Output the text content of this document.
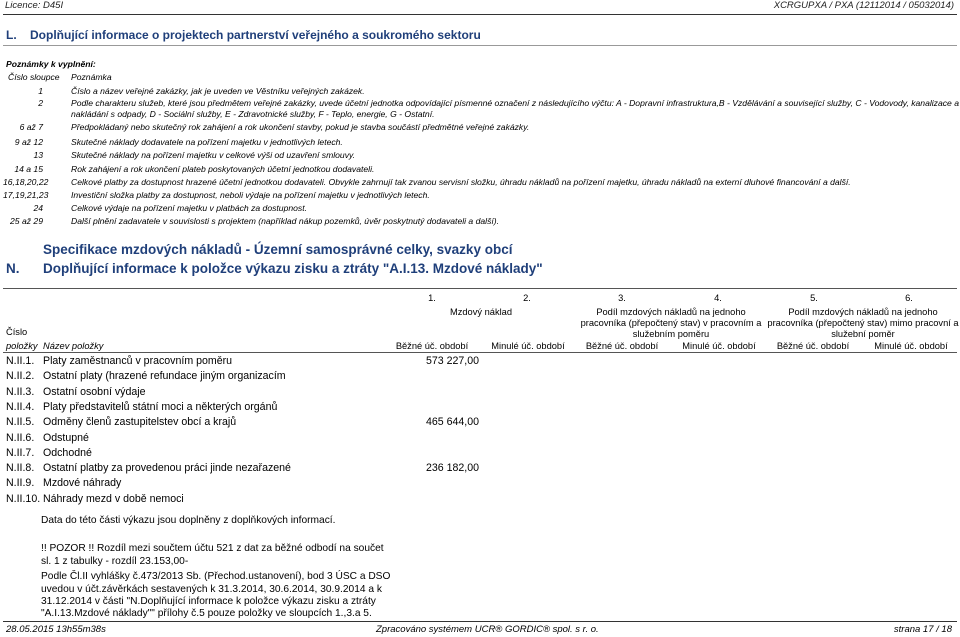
Licence: D45I	XCRGUPXA / PXA (12112014 / 05032014)
L. Doplňující informace o projektech partnerství veřejného a soukromého sektoru
Poznámky k vyplnění:
Číslo sloupce Poznámka
1	Číslo a název veřejné zakázky, jak je uveden ve Věstníku veřejných zakázek.
2	Podle charakteru služeb, které jsou předmětem veřejné zakázky, uvede účetní jednotka odpovídající písmenné označení z následujícího výčtu: A - Dopravní infrastruktura,B - Vzdělávání a související služby, C - Vodovody, kanalizace a
nakládání s odpady, D - Sociální služby, E - Zdravotnické služby, F - Teplo, energie, G - Ostatní.
6 až 7	Předpokládaný nebo skutečný rok zahájení a rok ukončení stavby, pokud je stavba součástí předmětné veřejné zakázky.
9 až 12	Skutečné náklady dodavatele na pořízení majetku v jednotlivých letech.
13	Skutečné náklady na pořízení majetku v celkové výši od uzavření smlouvy.
14 a 15	Rok zahájení a rok ukončení plateb poskytovaných účetní jednotkou dodavateli.
16,18,20,22	Celkové platby za dostupnost hrazené účetní jednotkou dodavateli. Obvykle zahrnují tak zvanou servisní složku, úhradu nákladů na pořízení majetku, úhradu nákladů na externí dluhové financování a další.
17,19,21,23	Investiční složka platby za dostupnost, neboli výdaje na pořízení majetku v jednotlivých letech.
24	Celkové výdaje na pořízení majetku v platbách za dostupnost.
25 až 29	Další plnění zadavatele v souvislosti s projektem (například nákup pozemků, úvěr poskytnutý dodavateli a další).
Specifikace mzdových nákladů - Územní samosprávné celky, svazky obcí
N. Doplňující informace k položce výkazu zisku a ztráty "A.I.13. Mzdové náklady"
1.	2.	3.	4.	5.	6.
Mzdový náklad	Podíl mzdových nákladů na jednoho pracovníka (přepočtený stav) v pracovním a služebním poměru
Podíl mzdových nákladů na jednoho pracovníka (přepočtený stav) mimo pracovní a služební poměr
Číslo
položky Název položky	Běžné úč. období	Minulé úč. období	Běžné úč. období	Minulé úč. období	Běžné úč. období	Minulé úč. období
N.II.1. Platy zaměstnanců v pracovním poměru	573 227,00
N.II.2. Ostatní platy (hrazené refundace jiným organizacím
N.II.3. Ostatní osobní výdaje
N.II.4. Platy představitelů státní moci a některých orgánů
N.II.5. Odměny členů zastupitelstev obcí a krajů	465 644,00
N.II.6. Odstupné
N.II.7. Odchodné
N.II.8. Ostatní platby za provedenou práci jinde nezařazené	236 182,00
N.II.9. Mzdové náhrady
N.II.10. Náhrady mezd v době nemoci
Data do této části výkazu jsou doplněny z doplňkových informací.
!! POZOR !! Rozdíl mezi součtem účtu 521 z dat za běžné odbodí na součet
sl. 1 z tabulky - rozdíl 23.153,00-
Podle Čl.II vyhlášky č.473/2013 Sb. (Přechod.ustanovení), bod 3 ÚSC a DSO
uvedou v účt.závěrkách sestavených k 31.3.2014, 30.6.2014, 30.9.2014 a k
31.12.2014 v části "N.Doplňující informace k položce výkazu zisku a ztráty
"A.I.13.Mzdové náklady"" přílohy č.5 pouze položky ve sloupcích 1.,3.a 5.
28.05.2015 13h55m38s	Zpracováno systémem UCR® GORDIC® spol. s r. o.	strana 17 / 18
